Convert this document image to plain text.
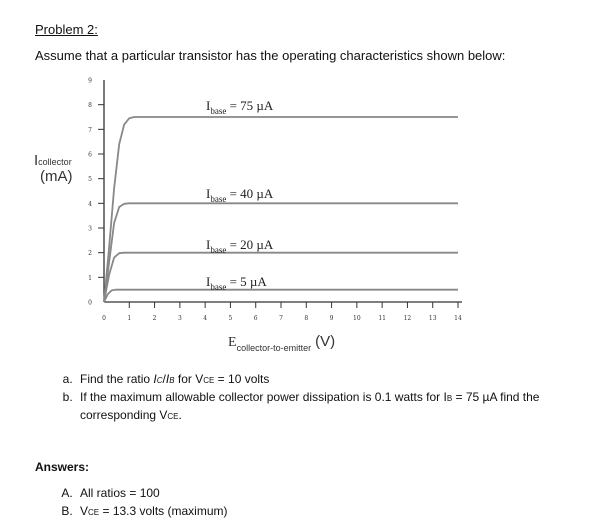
Problem 2:
Assume that a particular transistor has the operating characteristics shown below:
0
1
2
3
4
5
6
7
8
9
0	1	2	3	4	5	6	7	8	9	10	11	12	13	14
Icollector
(mA)
$E_{collector-to-emitter}$ (V)
$I_{base} = 75$ µA
$I_{base} = 40$ µA
$I_{base} = 20$ µA
$I_{base} = 5$ µA
a. Find the ratio IC/IB for VCE = 10 volts
b. If the maximum allowable collector power dissipation is 0.1 watts for IB = 75 µA find the corresponding VCE.
Answers:
A. All ratios = 100
B. VCE = 13.3 volts (maximum)
